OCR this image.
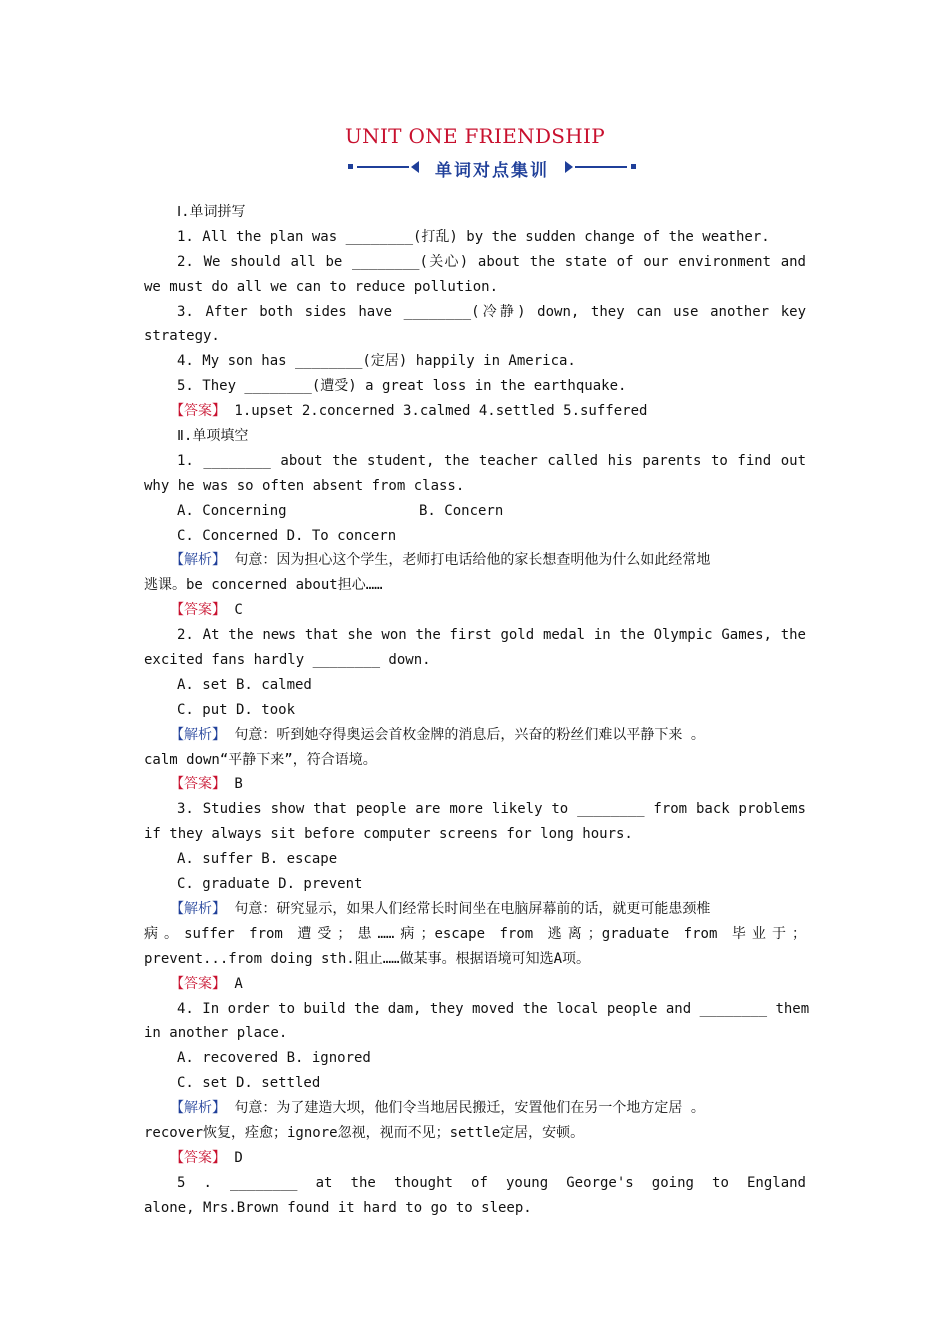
UNIT ONE FRIENDSHIP
单词对点集训
Ⅰ.单词拼写
1. All the plan was ________(打乱) by the sudden change of the weather.
2. We should all be ________(关心) about the state of our environment and
we must do all we can to reduce pollution.
3. After both sides have ________(冷静) down, they can use another key
strategy.
4. My son has ________(定居) happily in America.
5. They ________(遭受) a great loss in the earthquake.
【答案】 1.upset 2.concerned 3.calmed 4.settled 5.suffered
Ⅱ.单项填空
1. ________ about the student, the teacher called his parents to find out
why he was so often absent from class.
A. Concerning	B. Concern
C. Concerned D. To concern
【解析】 句意：因为担心这个学生，老师打电话给他的家长想查明他为什么如此经常地
逃课。be concerned about担心……
【答案】 C
2. At the news that she won the first gold medal in the Olympic Games, the
excited fans hardly ________ down.
A. set B. calmed
C. put D. took
【解析】 句意：听到她夺得奥运会首枚金牌的消息后，兴奋的粉丝们难以平静下来 。
calm down“平静下来”，符合语境。
【答案】 B
3. Studies show that people are more likely to ________ from back problems
if they always sit before computer screens for long hours.
A. suffer B. escape
C. graduate D. prevent
【解析】 句意：研究显示，如果人们经常长时间坐在电脑屏幕前的话，就更可能患颈椎
病。suffer from 遭受；患……病；escape from 逃离；graduate from 毕业于；
prevent...from doing sth.阻止……做某事。根据语境可知选A项。
【答案】 A
4. In order to build the dam, they moved the local people and ________ them
in another place.
A. recovered B. ignored
C. set D. settled
【解析】 句意：为了建造大坝，他们令当地居民搬迁，安置他们在另一个地方定居 。
recover恢复，痊愈；ignore忽视，视而不见；settle定居，安顿。
【答案】 D
5 . ________ at the thought of young George's going to England
alone, Mrs.Brown found it hard to go to sleep.
